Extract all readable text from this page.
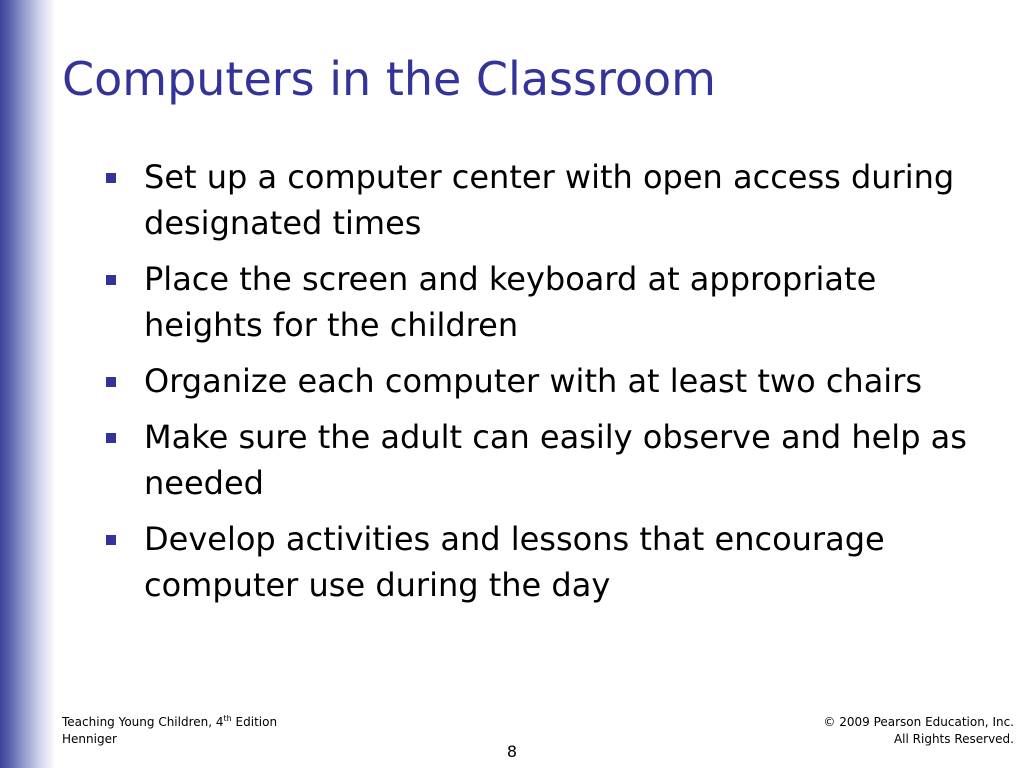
Computers in the Classroom
Set up a computer center with open access during designated times
Place the screen and keyboard at appropriate heights for the children
Organize each computer with at least two chairs
Make sure the adult can easily observe and help as needed
Develop activities and lessons that encourage computer use during the day
Teaching Young Children, 4th Edition
Henniger
© 2009 Pearson Education, Inc.
All Rights Reserved.
8
